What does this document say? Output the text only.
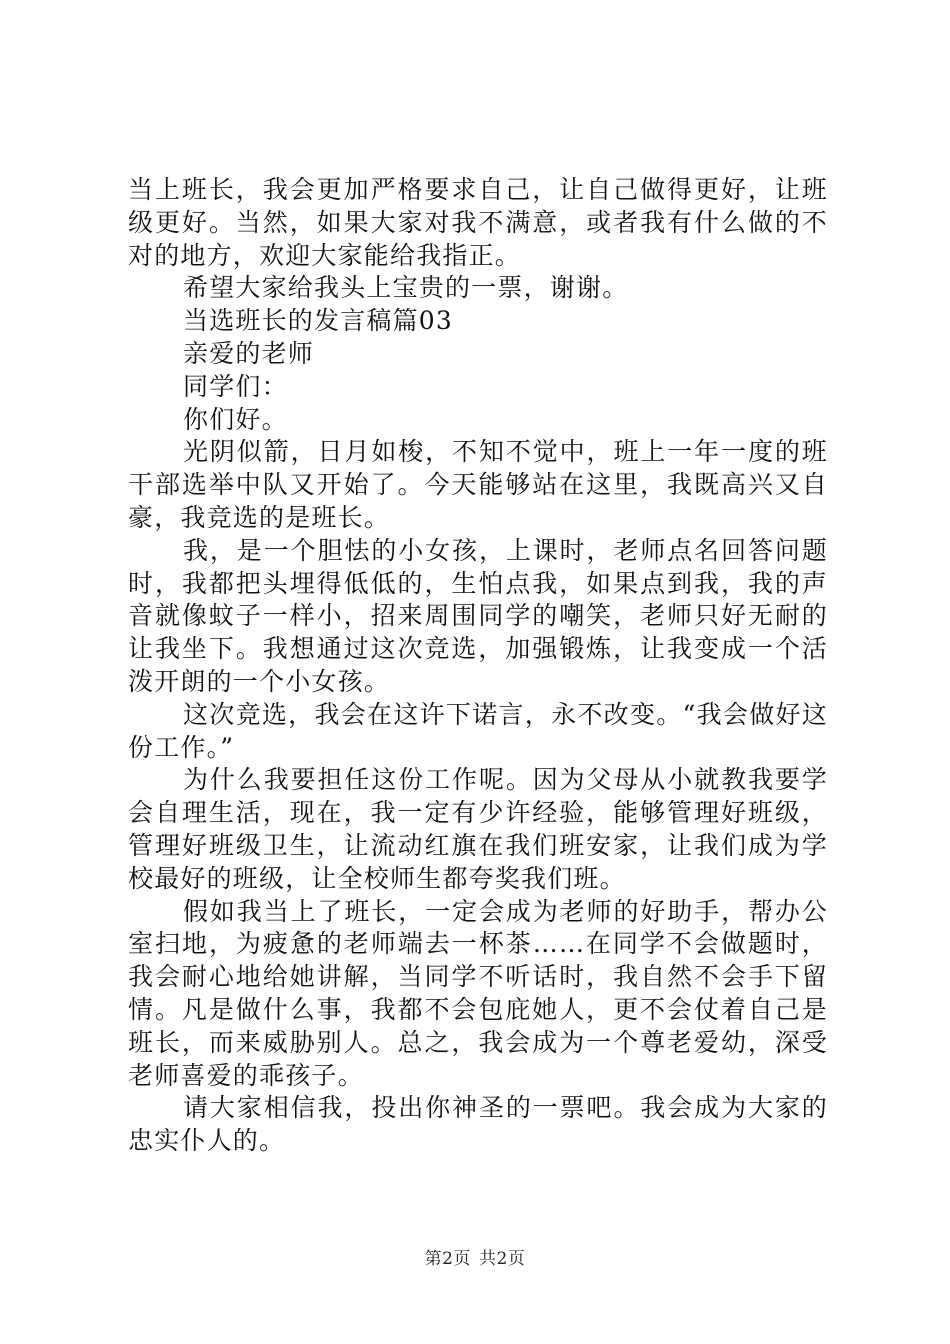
当上班长，我会更加严格要求自己，让自己做得更好，让班级更好。当然，如果大家对我不满意，或者我有什么做的不对的地方，欢迎大家能给我指正。

希望大家给我头上宝贵的一票，谢谢。

当选班长的发言稿篇03

亲爱的老师

同学们：

你们好。

光阴似箭，日月如梭，不知不觉中，班上一年一度的班干部选举中队又开始了。今天能够站在这里，我既高兴又自豪，我竞选的是班长。

我，是一个胆怯的小女孩，上课时，老师点名回答问题时，我都把头埋得低低的，生怕点我，如果点到我，我的声音就像蚊子一样小，招来周围同学的嘲笑，老师只好无耐的让我坐下。我想通过这次竞选，加强锻炼，让我变成一个活泼开朗的一个小女孩。

这次竞选，我会在这许下诺言，永不改变。“我会做好这份工作。”

为什么我要担任这份工作呢。因为父母从小就教我要学会自理生活，现在，我一定有少许经验，能够管理好班级，管理好班级卫生，让流动红旗在我们班安家，让我们成为学校最好的班级，让全校师生都夸奖我们班。

假如我当上了班长，一定会成为老师的好助手，帮办公室扫地，为疲惫的老师端去一杯茶……在同学不会做题时，我会耐心地给她讲解，当同学不听话时，我自然不会手下留情。凡是做什么事，我都不会包庇她人，更不会仗着自己是班长，而来威胁别人。总之，我会成为一个尊老爱幼，深受老师喜爱的乖孩子。

请大家相信我，投出你神圣的一票吧。我会成为大家的忠实仆人的。

第2页 共2页
